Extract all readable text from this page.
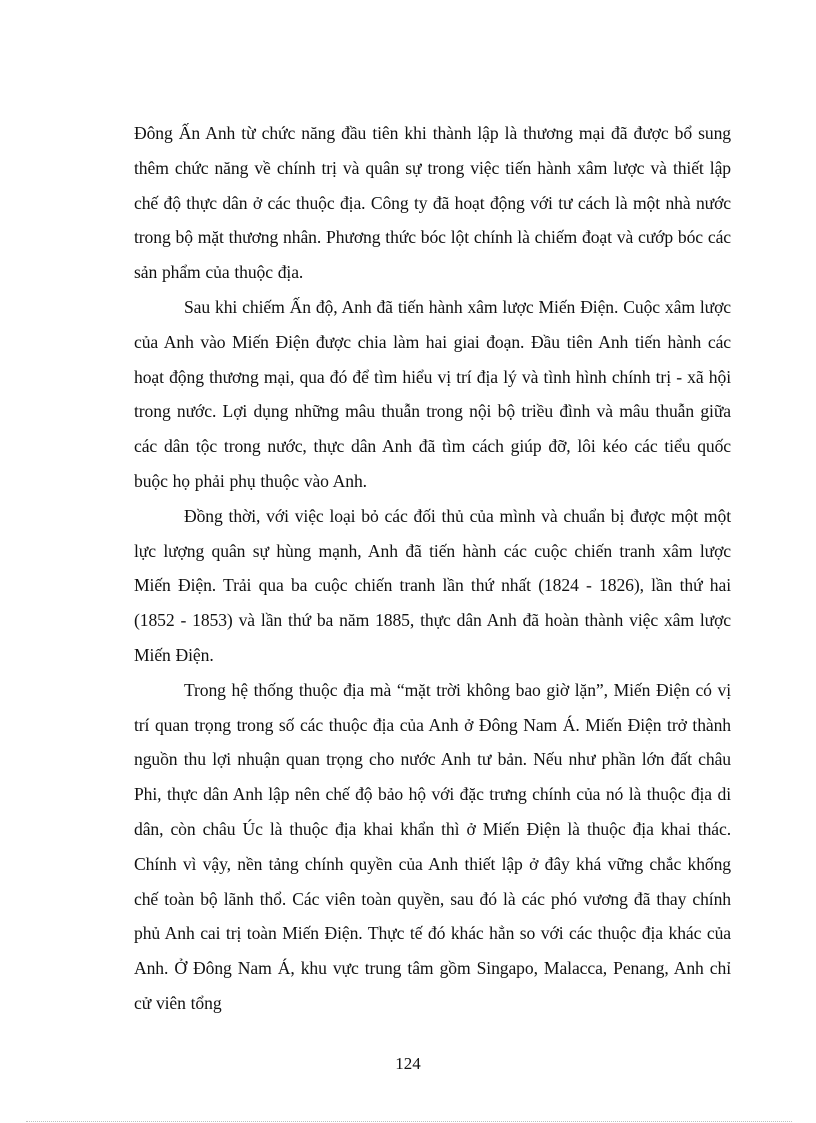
Đông Ấn Anh từ chức năng đầu tiên khi thành lập là thương mại đã được bổ sung thêm chức năng về chính trị và quân sự trong việc tiến hành xâm lược và thiết lập chế độ thực dân ở các thuộc địa. Công ty đã hoạt động với tư cách là một nhà nước trong bộ mặt thương nhân. Phương thức bóc lột chính là chiếm đoạt và cướp bóc các sản phẩm của thuộc địa.

Sau khi chiếm Ấn độ, Anh đã tiến hành xâm lược Miến Điện. Cuộc xâm lược của Anh vào Miến Điện được chia làm hai giai đoạn. Đầu tiên Anh tiến hành các hoạt động thương mại, qua đó để tìm hiểu vị trí địa lý và tình hình chính trị - xã hội trong nước. Lợi dụng những mâu thuẫn trong nội bộ triều đình và mâu thuẫn giữa các dân tộc trong nước, thực dân Anh đã tìm cách giúp đỡ, lôi kéo các tiểu quốc buộc họ phải phụ thuộc vào Anh.

Đồng thời, với việc loại bỏ các đối thủ của mình và chuẩn bị được một một lực lượng quân sự hùng mạnh, Anh đã tiến hành các cuộc chiến tranh xâm lược Miến Điện. Trải qua ba cuộc chiến tranh lần thứ nhất (1824 - 1826), lần thứ hai (1852 - 1853) và lần thứ ba năm 1885, thực dân Anh đã hoàn thành việc xâm lược Miến Điện.

Trong hệ thống thuộc địa mà “mặt trời không bao giờ lặn”, Miến Điện có vị trí quan trọng trong số các thuộc địa của Anh ở Đông Nam Á. Miến Điện trở thành nguồn thu lợi nhuận quan trọng cho nước Anh tư bản. Nếu như phần lớn đất châu Phi, thực dân Anh lập nên chế độ bảo hộ với đặc trưng chính của nó là thuộc địa di dân, còn châu Úc là thuộc địa khai khẩn thì ở Miến Điện là thuộc địa khai thác. Chính vì vậy, nền tảng chính quyền của Anh thiết lập ở đây khá vững chắc khống chế toàn bộ lãnh thổ. Các viên toàn quyền, sau đó là các phó vương đã thay chính phủ Anh cai trị toàn Miến Điện. Thực tế đó khác hẳn so với các thuộc địa khác của Anh. Ở Đông Nam Á, khu vực trung tâm gồm Singapo, Malacca, Penang, Anh chỉ cử viên tổng

124
